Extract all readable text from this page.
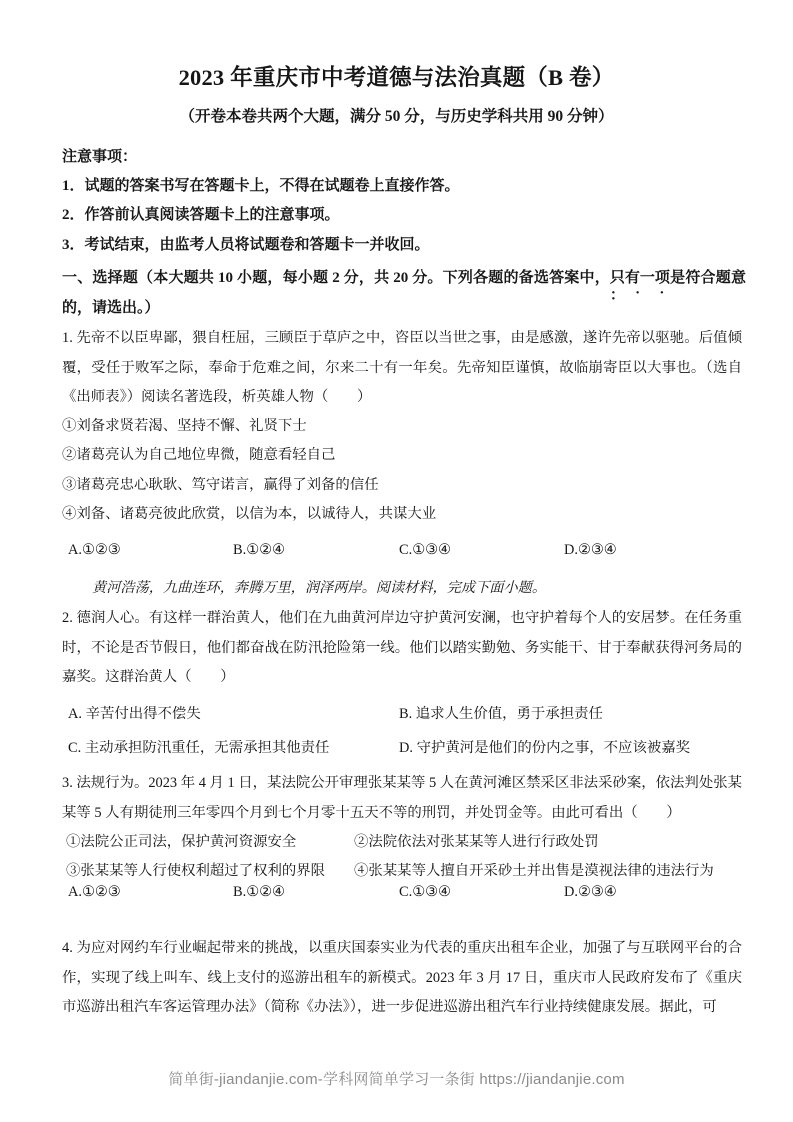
2023 年重庆市中考道德与法治真题（B 卷）
（开卷本卷共两个大题，满分 50 分，与历史学科共用 90 分钟）
注意事项：
1．试题的答案书写在答题卡上，不得在试题卷上直接作答。
2．作答前认真阅读答题卡上的注意事项。
3．考试结束，由监考人员将试题卷和答题卡一并收回。
一、选择题（本大题共 10 小题，每小题 2 分，共 20 分。下列各题的备选答案中，只有一项 · · · ·是符合题意的，请选出。）
1. 先帝不以臣卑鄙，猥自枉屈，三顾臣于草庐之中，咨臣以当世之事，由是感激，遂许先帝以驱驰。后值倾覆，受任于败军之际，奉命于危难之间，尔来二十有一年矣。先帝知臣谨慎，故临崩寄臣以大事也。（选自《出师表》）阅读名著选段，析英雄人物（　　）
①刘备求贤若渴、坚持不懈、礼贤下士
②诸葛亮认为自己地位卑微，随意看轻自己
③诸葛亮忠心耿耿、笃守诺言，赢得了刘备的信任
④刘备、诸葛亮彼此欣赏，以信为本，以诚待人，共谋大业
A.①②③	B.①②④	C.①③④	D.②③④
黄河浩荡，九曲连环，奔腾万里，润泽两岸。阅读材料，完成下面小题。
2. 德润人心。有这样一群治黄人，他们在九曲黄河岸边守护黄河安澜，也守护着每个人的安居梦。在任务重时，不论是否节假日，他们都奋战在防汛抢险第一线。他们以踏实勤勉、务实能干、甘于奉献获得河务局的嘉奖。这群治黄人（　　）
A. 辛苦付出得不偿失	B. 追求人生价值，勇于承担责任
C. 主动承担防汛重任，无需承担其他责任	D. 守护黄河是他们的份内之事，不应该被嘉奖
3. 法规行为。2023 年 4 月 1 日，某法院公开审理张某某等 5 人在黄河滩区禁采区非法采砂案，依法判处张某某等 5 人有期徒刑三年零四个月到七个月零十五天不等的刑罚，并处罚金等。由此可看出（　　）
①法院公正司法，保护黄河资源安全	②法院依法对张某某等人进行行政处罚
③张某某等人行使权利超过了权利的界限 ④张某某等人擅自开采砂土并出售是漠视法律的违法行为
A.①②③	B.①②④	C.①③④	D.②③④
4. 为应对网约车行业崛起带来的挑战，以重庆国泰实业为代表的重庆出租车企业，加强了与互联网平台的合作，实现了线上叫车、线上支付的巡游出租车的新模式。2023 年 3 月 17 日，重庆市人民政府发布了《重庆市巡游出租汽车客运管理办法》（简称《办法》），进一步促进巡游出租汽车行业持续健康发展。据此，可
简单街-jiandanjie.com-学科网简单学习一条街 https://jiandanjie.com
